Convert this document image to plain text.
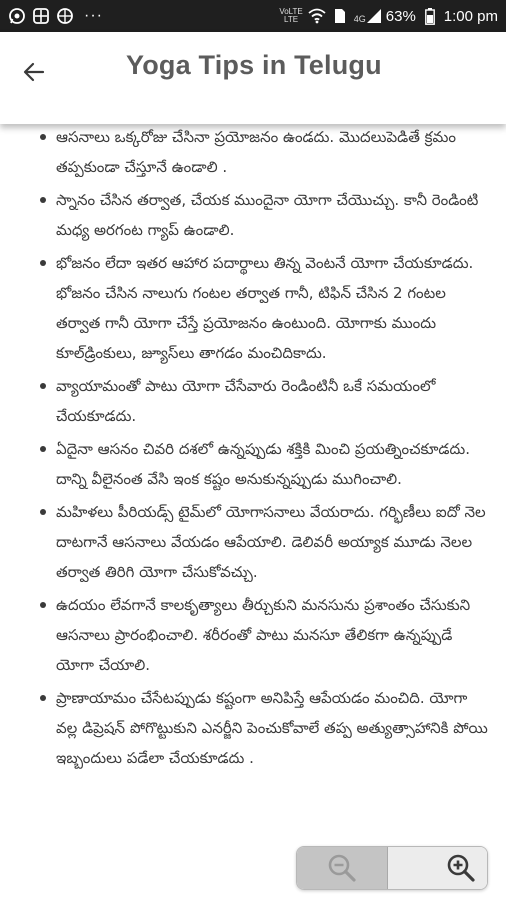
···	VoLTE
LTE	4G 63% 1:00 pm
Yoga Tips in Telugu
ఆసనాలు ఒక్కరోజు చేసినా ప్రయోజనం ఉండదు. మొదలుపెడితే క్రమం తప్పకుండా చేస్తూనే ఉండాలి .
స్నానం చేసిన తర్వాత, చేయక ముందైనా యోగా చేయొచ్చు. కానీ రెండింటి మధ్య అరగంట గ్యాప్ ఉండాలి.
భోజనం లేదా ఇతర ఆహార పదార్థాలు తిన్న వెంటనే యోగా చేయకూడదు. భోజనం చేసిన నాలుగు గంటల తర్వాత గానీ, టిఫిన్ చేసిన 2 గంటల తర్వాత గానీ యోగా చేస్తే ప్రయోజనం ఉంటుంది. యోగాకు ముందు కూల్‌డ్రింకులు, జ్యూస్‌లు తాగడం మంచిదికాదు.
వ్యాయామంతో పాటు యోగా చేసేవారు రెండింటినీ ఒకే సమయంలో చేయకూడదు.
ఏదైనా ఆసనం చివరి దశలో ఉన్నప్పుడు శక్తికి మించి ప్రయత్నించకూడదు. దాన్ని వీలైనంత వేసి ఇంక కష్టం అనుకున్నప్పుడు ముగించాలి.
మహిళలు పీరియడ్స్ టైమ్‌లో యోగాసనాలు వేయరాదు. గర్భిణీలు ఐదో నెల దాటగానే ఆసనాలు వేయడం ఆపేయాలి. డెలివరీ అయ్యాక మూడు నెలల తర్వాత తిరిగి యోగా చేసుకోవచ్చు.
ఉదయం లేవగానే కాలకృత్యాలు తీర్చుకుని మనసును ప్రశాంతం చేసుకుని ఆసనాలు ప్రారంభించాలి. శరీరంతో పాటు మనసూ తేలికగా ఉన్నప్పుడే యోగా చేయాలి.
ప్రాణాయామం చేసేటప్పుడు కష్టంగా అనిపిస్తే ఆపేయడం మంచిది. యోగా వల్ల డిప్రెషన్ పోగొట్టుకుని ఎనర్జీని పెంచుకోవాలే తప్ప అత్యుత్సాహానికి పోయి ఇబ్బందులు పడేలా చేయకూడదు .
